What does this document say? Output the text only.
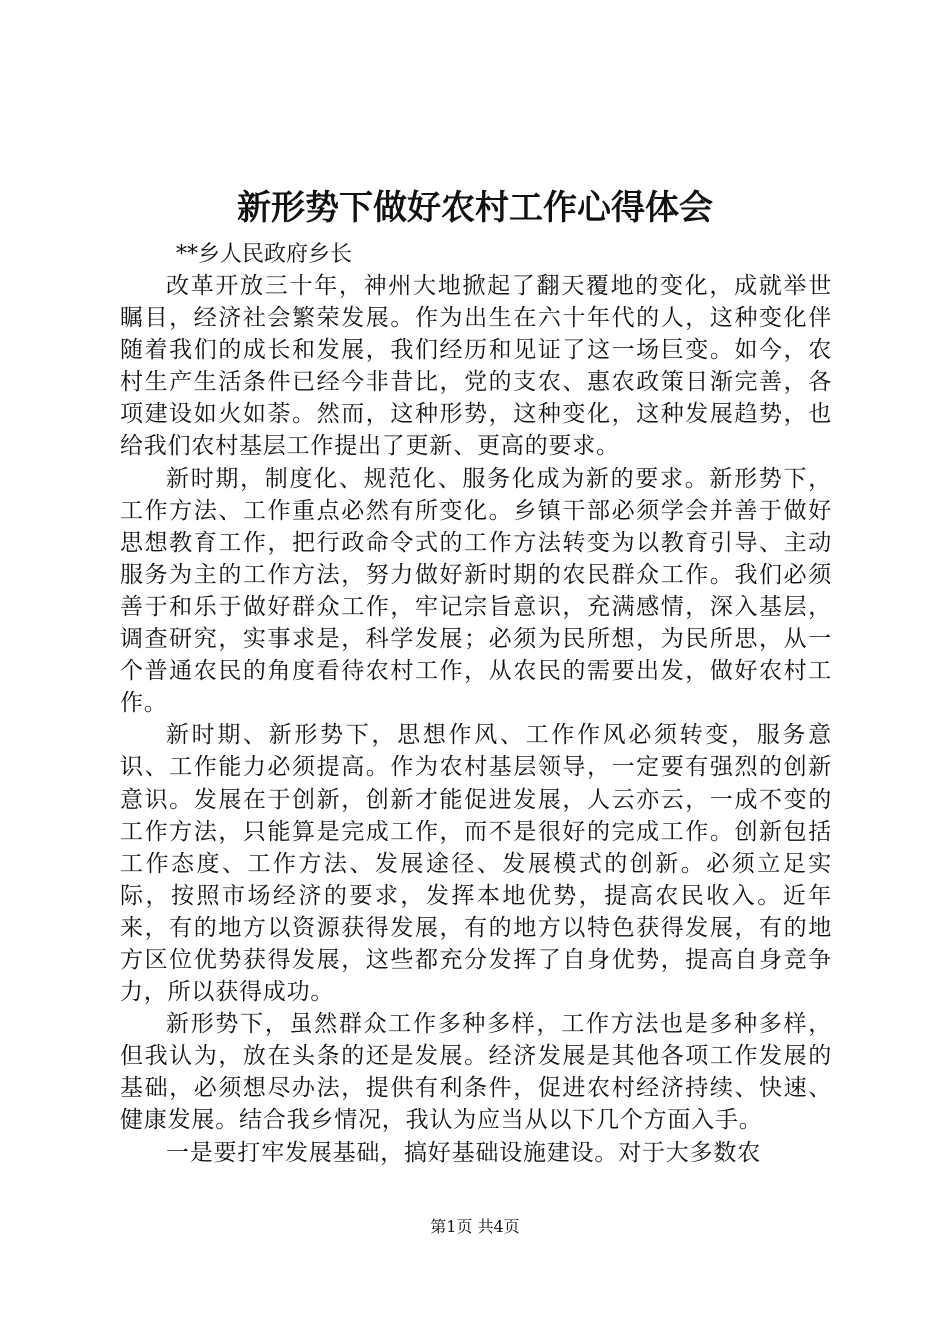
新形势下做好农村工作心得体会
**乡人民政府乡长

改革开放三十年，神州大地掀起了翻天覆地的变化，成就举世瞩目，经济社会繁荣发展。作为出生在六十年代的人，这种变化伴随着我们的成长和发展，我们经历和见证了这一场巨变。如今，农村生产生活条件已经今非昔比，党的支农、惠农政策日渐完善，各项建设如火如荼。然而，这种形势，这种变化，这种发展趋势，也给我们农村基层工作提出了更新、更高的要求。

新时期，制度化、规范化、服务化成为新的要求。新形势下，工作方法、工作重点必然有所变化。乡镇干部必须学会并善于做好思想教育工作，把行政命令式的工作方法转变为以教育引导、主动服务为主的工作方法，努力做好新时期的农民群众工作。我们必须善于和乐于做好群众工作，牢记宗旨意识，充满感情，深入基层，调查研究，实事求是，科学发展；必须为民所想，为民所思，从一个普通农民的角度看待农村工作，从农民的需要出发，做好农村工作。

新时期、新形势下，思想作风、工作作风必须转变，服务意识、工作能力必须提高。作为农村基层领导，一定要有强烈的创新意识。发展在于创新，创新才能促进发展，人云亦云，一成不变的工作方法，只能算是完成工作，而不是很好的完成工作。创新包括工作态度、工作方法、发展途径、发展模式的创新。必须立足实际，按照市场经济的要求，发挥本地优势，提高农民收入。近年来，有的地方以资源获得发展，有的地方以特色获得发展，有的地方区位优势获得发展，这些都充分发挥了自身优势，提高自身竞争力，所以获得成功。

新形势下，虽然群众工作多种多样，工作方法也是多种多样，但我认为，放在头条的还是发展。经济发展是其他各项工作发展的基础，必须想尽办法，提供有利条件，促进农村经济持续、快速、健康发展。结合我乡情况，我认为应当从以下几个方面入手。

一是要打牢发展基础，搞好基础设施建设。对于大多数农

第1页 共4页
